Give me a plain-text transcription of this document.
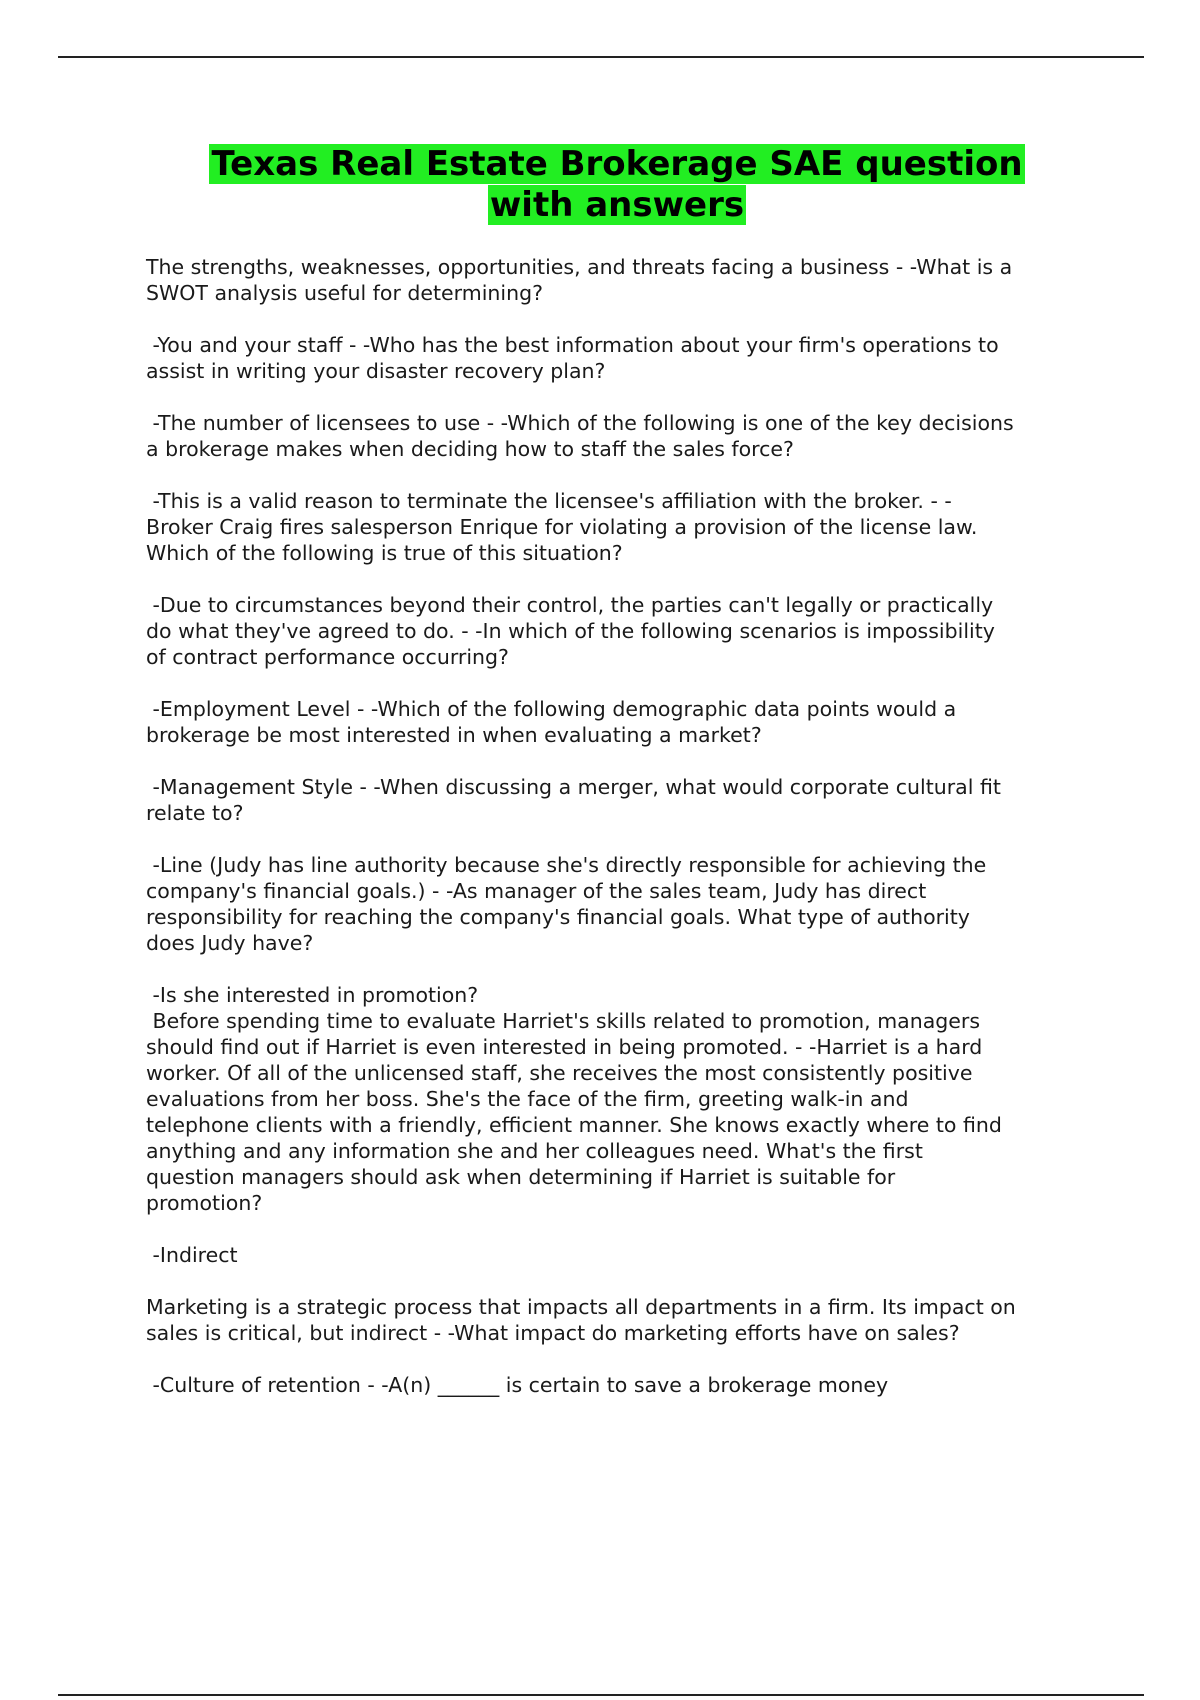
Texas Real Estate Brokerage SAE question
with answers

The strengths, weaknesses, opportunities, and threats facing a business - -What is a
SWOT analysis useful for determining?

-You and your staff - -Who has the best information about your firm's operations to
assist in writing your disaster recovery plan?

-The number of licensees to use - -Which of the following is one of the key decisions
a brokerage makes when deciding how to staff the sales force?

-This is a valid reason to terminate the licensee's affiliation with the broker. - -
Broker Craig fires salesperson Enrique for violating a provision of the license law.
Which of the following is true of this situation?

-Due to circumstances beyond their control, the parties can't legally or practically
do what they've agreed to do. - -In which of the following scenarios is impossibility
of contract performance occurring?

-Employment Level - -Which of the following demographic data points would a
brokerage be most interested in when evaluating a market?

-Management Style - -When discussing a merger, what would corporate cultural fit
relate to?

-Line (Judy has line authority because she's directly responsible for achieving the
company's financial goals.) - -As manager of the sales team, Judy has direct
responsibility for reaching the company's financial goals. What type of authority
does Judy have?

-Is she interested in promotion?
Before spending time to evaluate Harriet's skills related to promotion, managers
should find out if Harriet is even interested in being promoted. - -Harriet is a hard
worker. Of all of the unlicensed staff, she receives the most consistently positive
evaluations from her boss. She's the face of the firm, greeting walk-in and
telephone clients with a friendly, efficient manner. She knows exactly where to find
anything and any information she and her colleagues need. What's the first
question managers should ask when determining if Harriet is suitable for
promotion?

-Indirect

Marketing is a strategic process that impacts all departments in a firm. Its impact on
sales is critical, but indirect - -What impact do marketing efforts have on sales?

-Culture of retention - -A(n) ______ is certain to save a brokerage money
